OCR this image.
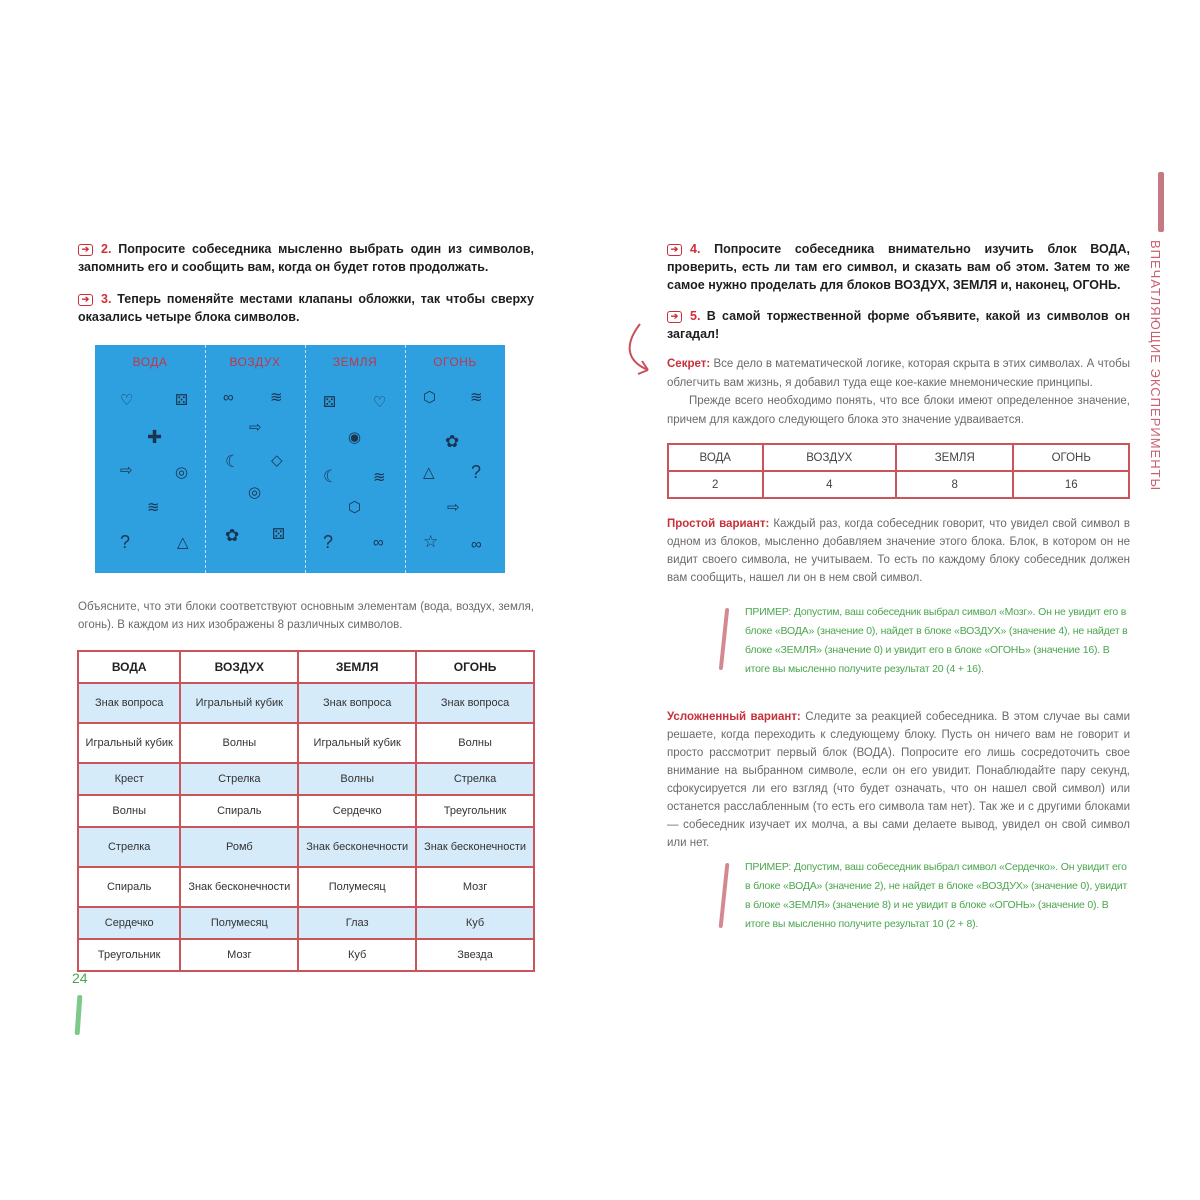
➔ 2. Попросите собеседника мысленно выбрать один из символов, запомнить его и сообщить вам, когда он будет готов продолжать.
➔ 3. Теперь поменяйте местами клапаны обложки, так чтобы сверху оказались четыре блока символов.
ВОДА
♡	⚄
✚
⇨	◎
≋
?	△
ВОЗДУХ
∞ ≋
⇨
☾ ◇
◎
✿ ⚄
ЗЕМЛЯ
⚄ ♡
◉
☾ ≋
⬡
?	∞
ОГОНЬ
⬡ ≋
✿
△ ?
⇨
☆ ∞
Объясните, что эти блоки соответствуют основным элементам (вода, воздух, земля, огонь). В каждом из них изображены 8 различных символов.
ВОДА	ВОЗДУХ	ЗЕМЛЯ	ОГОНЬ
Знак вопроса	Игральный кубик	Знак вопроса	Знак вопроса
Игральный кубик	Волны	Игральный кубик	Волны
Крест	Стрелка	Волны	Стрелка
Волны	Спираль	Сердечко	Треугольник
Стрелка	Ромб	Знак бесконечности	Знак бесконечности
Спираль	Знак бесконечности	Полумесяц	Мозг
Сердечко	Полумесяц	Глаз	Куб
Треугольник	Мозг	Куб	Звезда
24
ВПЕЧАТЛЯЮЩИЕ ЭКСПЕРИМЕНТЫ
➔ 4. Попросите собеседника внимательно изучить блок ВОДА, проверить, есть ли там его символ, и сказать вам об этом. Затем то же самое нужно проделать для блоков ВОЗДУХ, ЗЕМЛЯ и, наконец, ОГОНЬ.
➔ 5. В самой торжественной форме объявите, какой из символов он загадал!
Секрет: Все дело в математической логике, которая скрыта в этих символах. А чтобы облегчить вам жизнь, я добавил туда еще кое-какие мнемонические принципы.
Прежде всего необходимо понять, что все блоки имеют определенное значение, причем для каждого следующего блока это значение удваивается.
ВОДА	ВОЗДУХ	ЗЕМЛЯ	ОГОНЬ
2	4	8	16
Простой вариант: Каждый раз, когда собеседник говорит, что увидел свой символ в одном из блоков, мысленно добавляем значение этого блока. Блок, в котором он не видит своего символа, не учитываем. То есть по каждому блоку собеседник должен вам сообщить, нашел ли он в нем свой символ.
ПРИМЕР: Допустим, ваш собеседник выбрал символ «Мозг». Он не увидит его в блоке «ВОДА» (значение 0), найдет в блоке «ВОЗДУХ» (значение 4), не найдет в блоке «ЗЕМЛЯ» (значение 0) и увидит его в блоке «ОГОНЬ» (значение 16). В итоге вы мысленно получите результат 20 (4 + 16).
Усложненный вариант: Следите за реакцией собеседника. В этом случае вы сами решаете, когда переходить к следующему блоку. Пусть он ничего вам не говорит и просто рассмотрит первый блок (ВОДА). Попросите его лишь сосредоточить свое внимание на выбранном символе, если он его увидит. Понаблюдайте пару секунд, сфокусируется ли его взгляд (что будет означать, что он нашел свой символ) или останется расслабленным (то есть его символа там нет). Так же и с другими блоками — собеседник изучает их молча, а вы сами делаете вывод, увидел он свой символ или нет.
ПРИМЕР: Допустим, ваш собеседник выбрал символ «Сердечко». Он увидит его в блоке «ВОДА» (значение 2), не найдет в блоке «ВОЗДУХ» (значение 0), увидит в блоке «ЗЕМЛЯ» (значение 8) и не увидит в блоке «ОГОНЬ» (значение 0). В итоге вы мысленно получите результат 10 (2 + 8).
